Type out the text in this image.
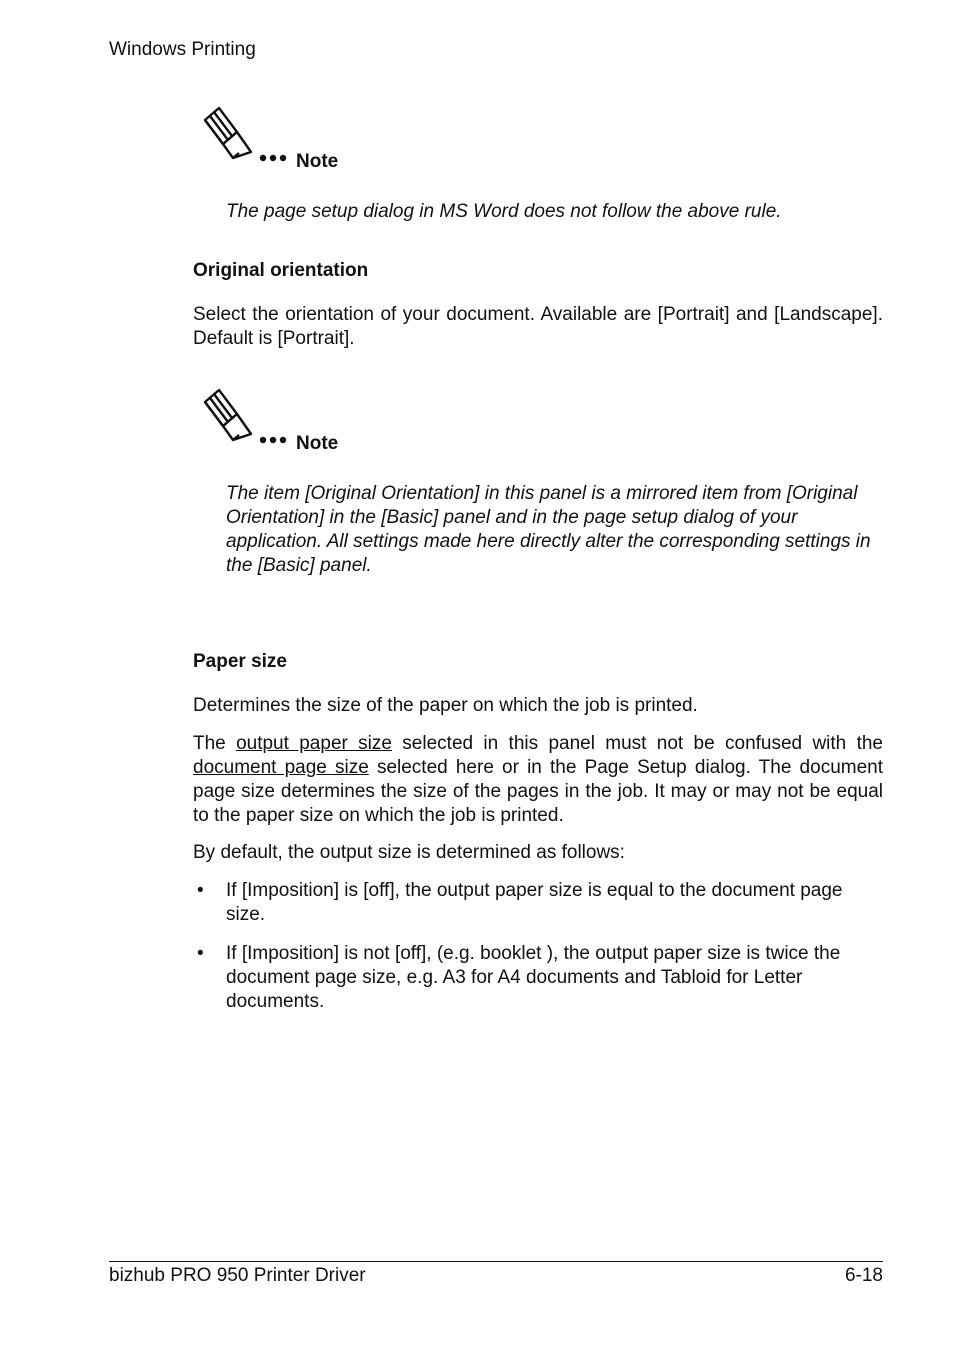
Windows Printing
Note
The page setup dialog in MS Word does not follow the above rule.
Original orientation

Select the orientation of your document. Available are [Portrait] and [Landscape]. Default is [Portrait].

Note
The item [Original Orientation] in this panel is a mirrored item from [Original Orientation] in the [Basic] panel and in the page setup dialog of your application. All settings made here directly alter the corresponding settings in the [Basic] panel.
Paper size

Determines the size of the paper on which the job is printed.

The output paper size selected in this panel must not be confused with the document page size selected here or in the Page Setup dialog. The document page size determines the size of the pages in the job. It may or may not be equal to the paper size on which the job is printed.

By default, the output size is determined as follows:

• If [Imposition] is [off], the output paper size is equal to the document page size.
• If [Imposition] is not [off], (e.g. booklet ), the output paper size is twice the document page size, e.g. A3 for A4 documents and Tabloid for Letter documents.
bizhub PRO 950 Printer Driver	6-18
